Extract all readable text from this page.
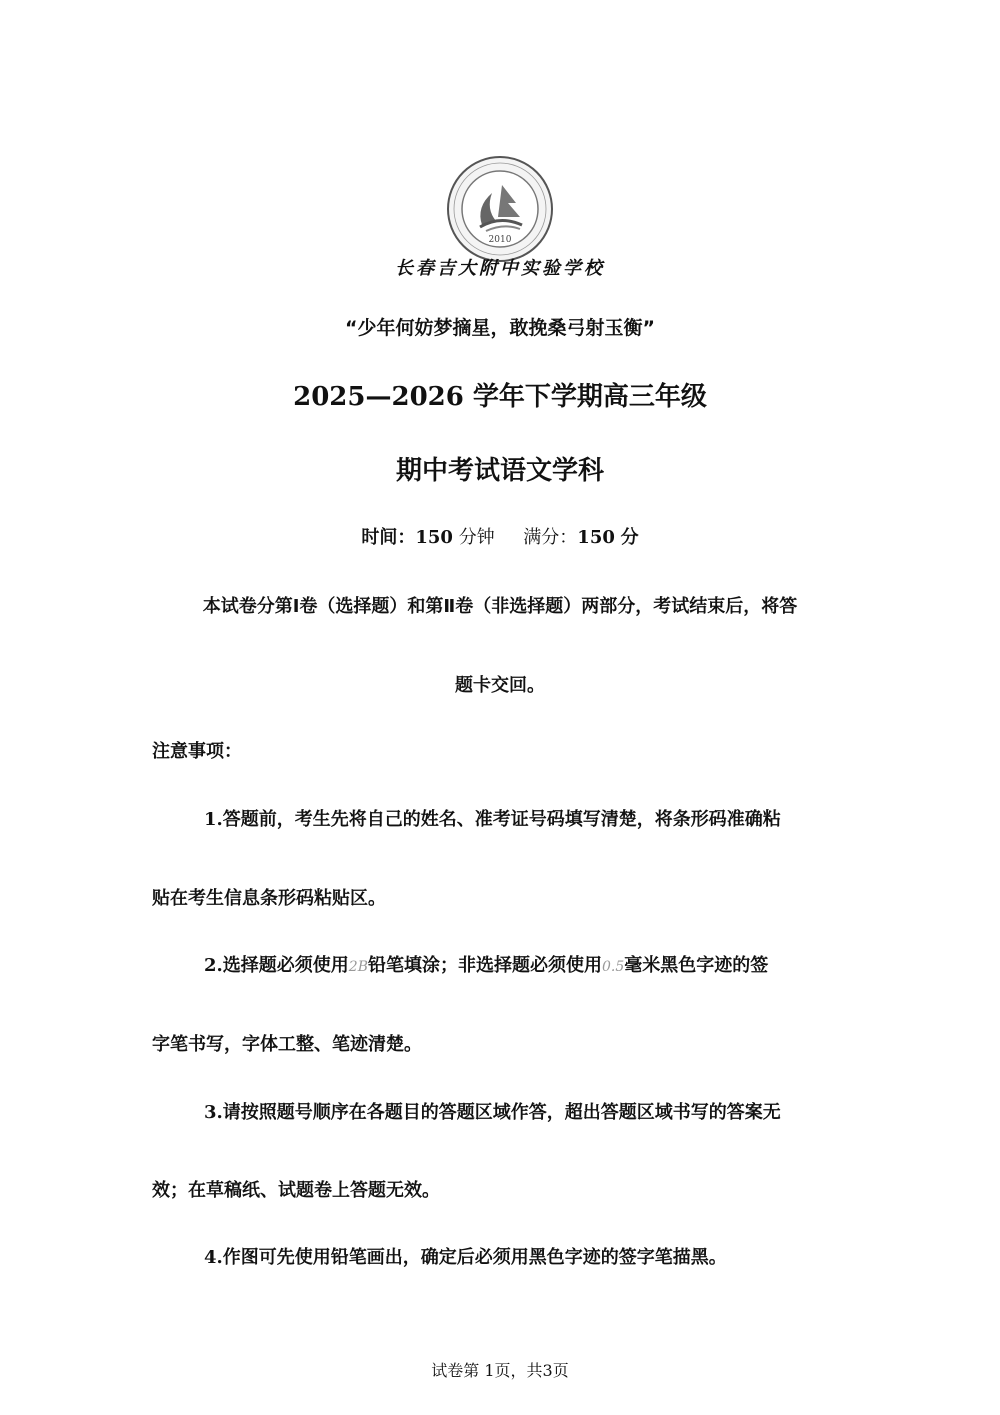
2010
长春吉大附中实验学校
“少年何妨梦摘星，敢挽桑弓射玉衡”
2025—2026 学年下学期高三年级
期中考试语文学科
时间：150 分钟 满分：150 分
本试卷分第Ⅰ卷（选择题）和第Ⅱ卷（非选择题）两部分，考试结束后，将答
题卡交回。
注意事项：
1.答题前，考生先将自己的姓名、准考证号码填写清楚，将条形码准确粘
贴在考生信息条形码粘贴区。
2.选择题必须使用2B铅笔填涂；非选择题必须使用0.5毫米黑色字迹的签
字笔书写，字体工整、笔迹清楚。
3.请按照题号顺序在各题目的答题区域作答，超出答题区域书写的答案无
效；在草稿纸、试题卷上答题无效。
4.作图可先使用铅笔画出，确定后必须用黑色字迹的签字笔描黑。
试卷第 1页，共3页
